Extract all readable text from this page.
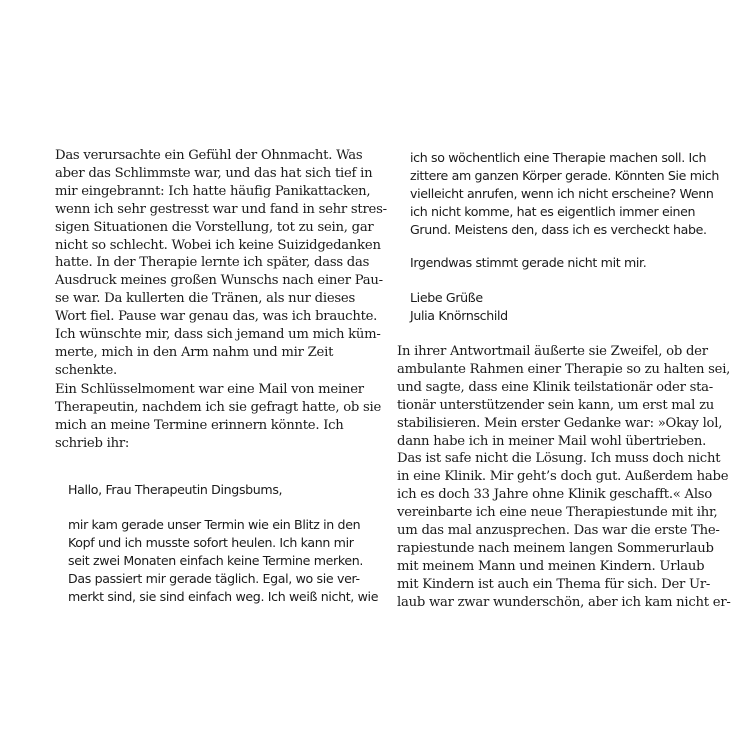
Das verursachte ein Gefühl der Ohnmacht. Was
aber das Schlimmste war, und das hat sich tief in
mir eingebrannt: Ich hatte häufig Panikattacken,
wenn ich sehr gestresst war und fand in sehr stres-
sigen Situationen die Vorstellung, tot zu sein, gar
nicht so schlecht. Wobei ich keine Suizidgedanken
hatte. In der Therapie lernte ich später, dass das
Ausdruck meines großen Wunschs nach einer Pau-
se war. Da kullerten die Tränen, als nur dieses
Wort fiel. Pause war genau das, was ich brauchte.
Ich wünschte mir, dass sich jemand um mich küm-
merte, mich in den Arm nahm und mir Zeit
schenkte.
Ein Schlüsselmoment war eine Mail von meiner
Therapeutin, nachdem ich sie gefragt hatte, ob sie
mich an meine Termine erinnern könnte. Ich
schrieb ihr:
Hallo, Frau Therapeutin Dingsbums,
mir kam gerade unser Termin wie ein Blitz in den
Kopf und ich musste sofort heulen. Ich kann mir
seit zwei Monaten einfach keine Termine merken.
Das passiert mir gerade täglich. Egal, wo sie ver-
merkt sind, sie sind einfach weg. Ich weiß nicht, wie
ich so wöchentlich eine Therapie machen soll. Ich
zittere am ganzen Körper gerade. Könnten Sie mich
vielleicht anrufen, wenn ich nicht erscheine? Wenn
ich nicht komme, hat es eigentlich immer einen
Grund. Meistens den, dass ich es vercheckt habe.
Irgendwas stimmt gerade nicht mit mir.
Liebe Grüße
Julia Knörnschild
In ihrer Antwortmail äußerte sie Zweifel, ob der
ambulante Rahmen einer Therapie so zu halten sei,
und sagte, dass eine Klinik teilstationär oder sta-
tionär unterstützender sein kann, um erst mal zu
stabilisieren. Mein erster Gedanke war: »Okay lol,
dann habe ich in meiner Mail wohl übertrieben.
Das ist safe nicht die Lösung. Ich muss doch nicht
in eine Klinik. Mir geht’s doch gut. Außerdem habe
ich es doch 33 Jahre ohne Klinik geschafft.« Also
vereinbarte ich eine neue Therapiestunde mit ihr,
um das mal anzusprechen. Das war die erste The-
rapiestunde nach meinem langen Sommerurlaub
mit meinem Mann und meinen Kindern. Urlaub
mit Kindern ist auch ein Thema für sich. Der Ur-
laub war zwar wunderschön, aber ich kam nicht er-
